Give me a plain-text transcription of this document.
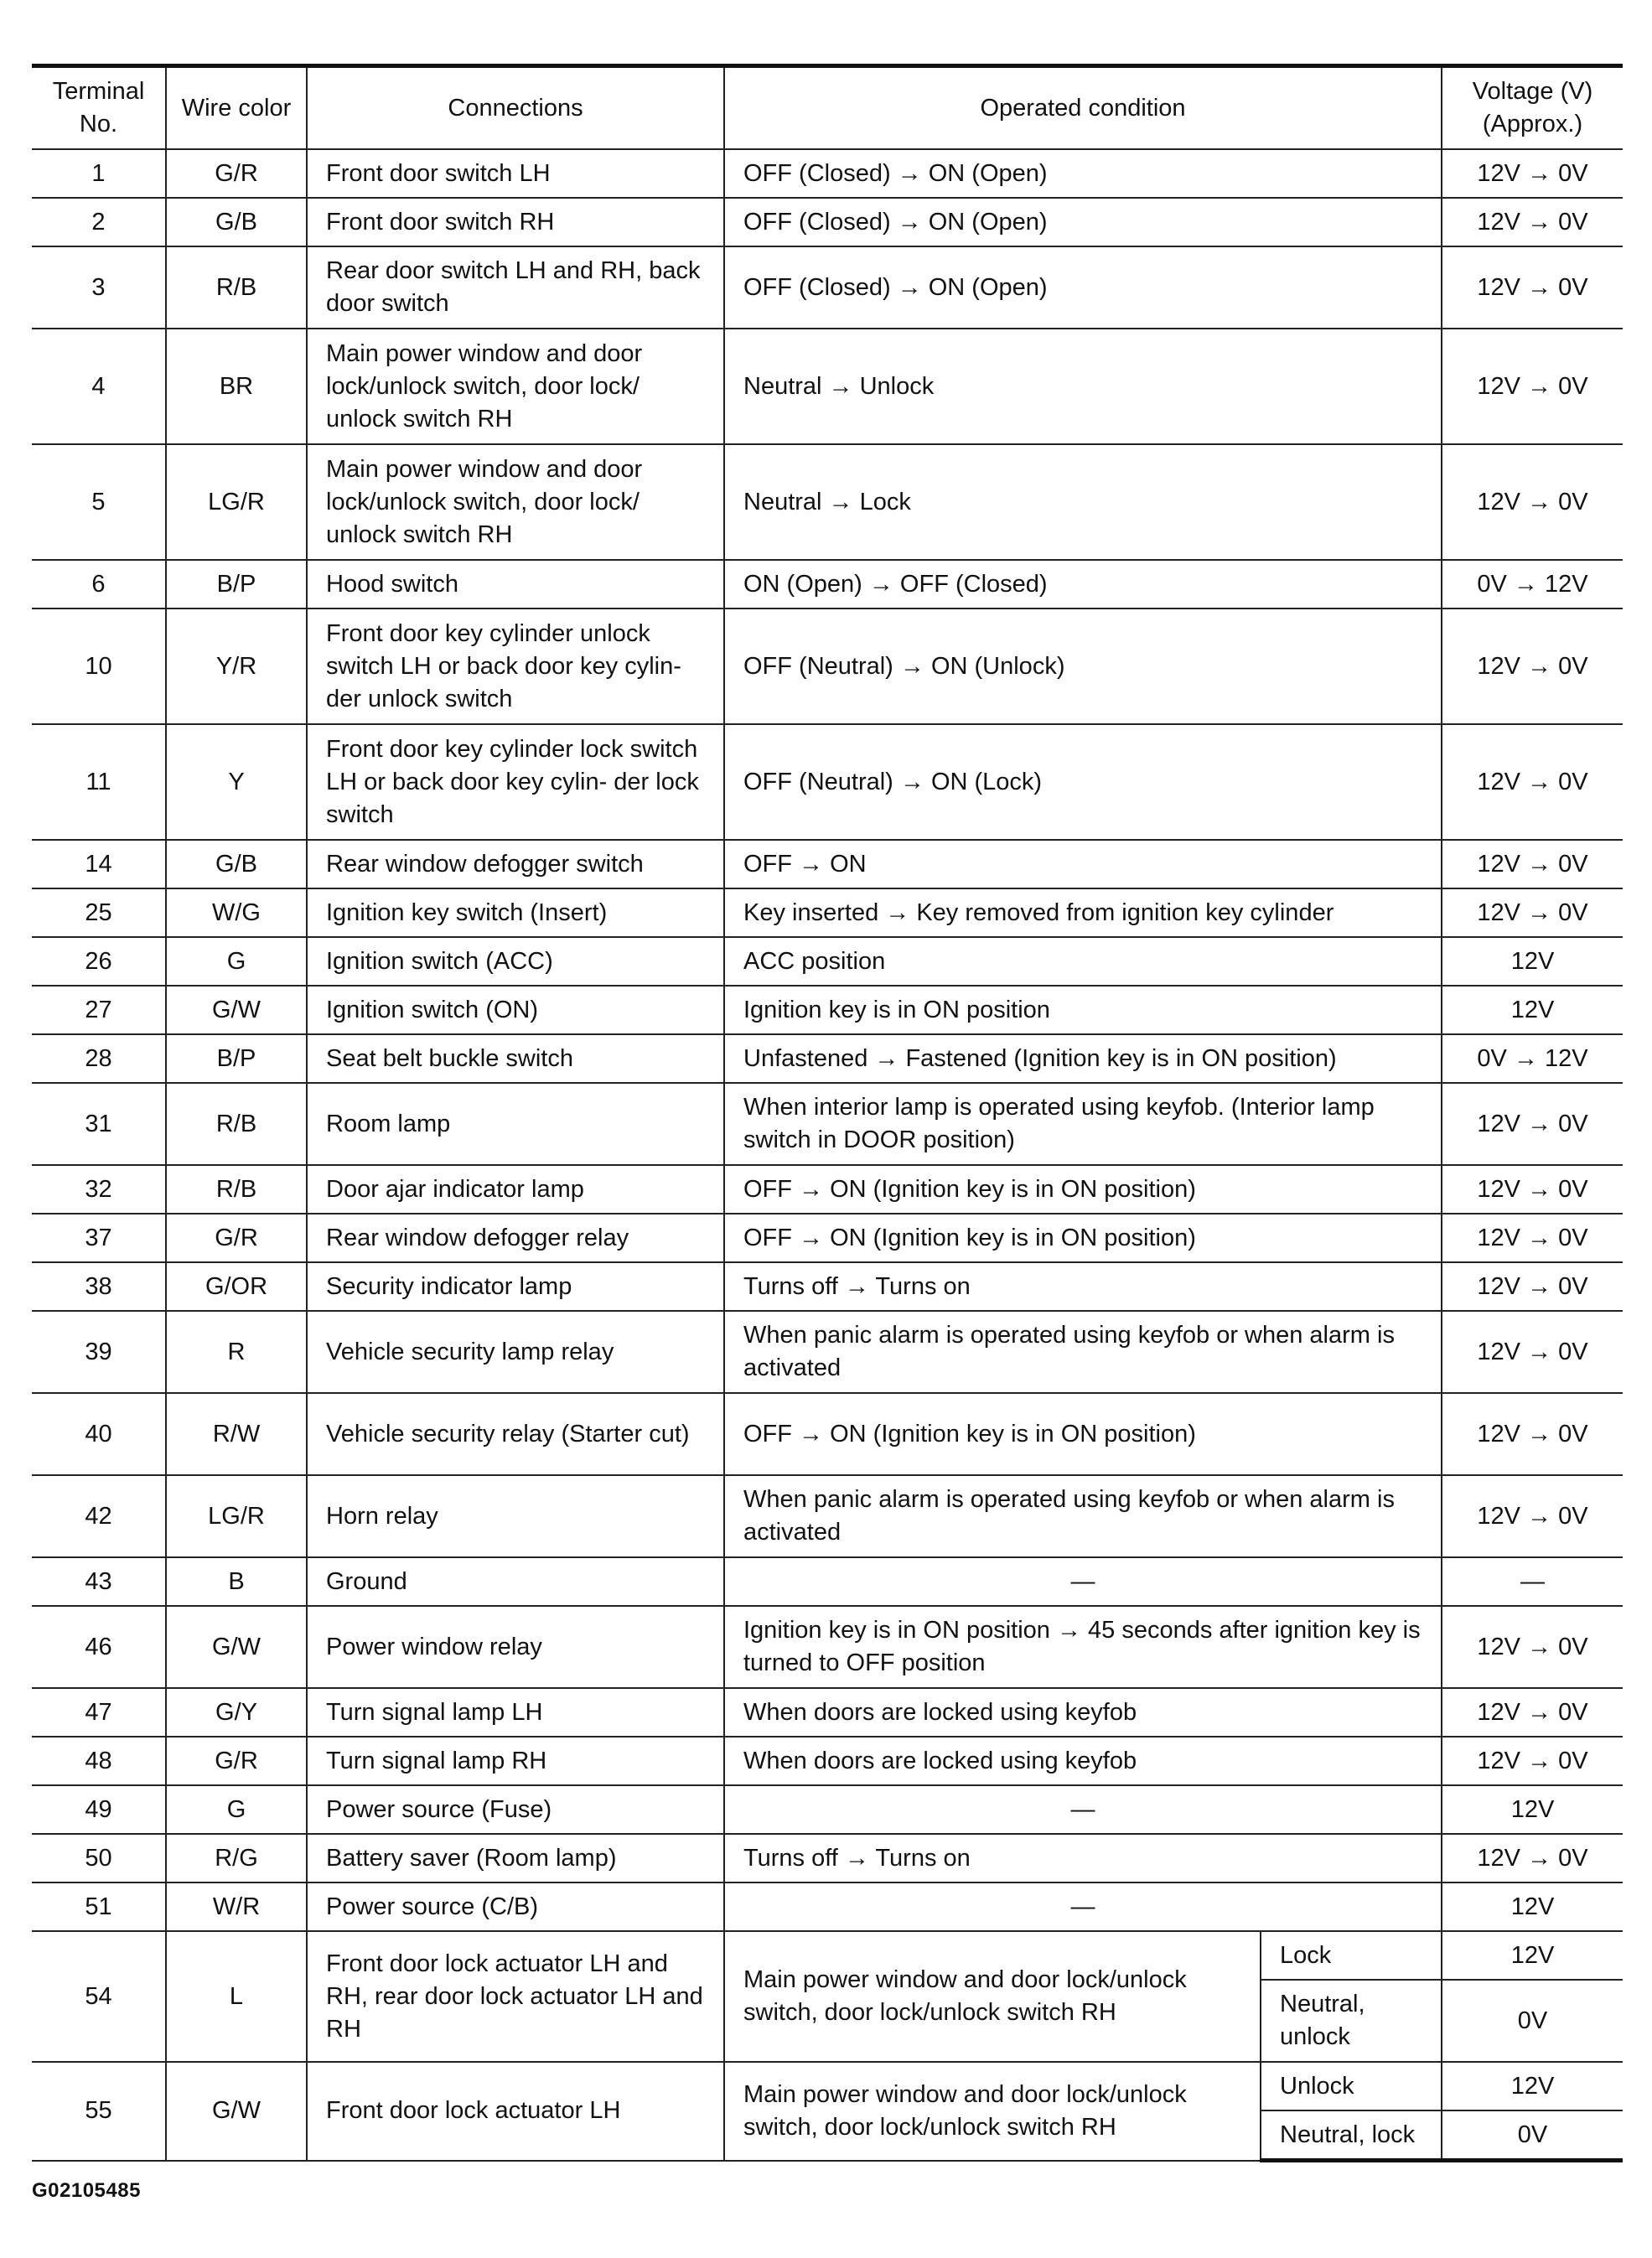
Terminal No.	Wire color	Connections	Operated condition		Voltage (V) (Approx.)
1	G/R	Front door switch LH	OFF (Closed) → ON (Open)		12V → 0V
2	G/B	Front door switch RH	OFF (Closed) → ON (Open)		12V → 0V
3	R/B	Rear door switch LH and RH, back door switch	OFF (Closed) → ON (Open)		12V → 0V
4	BR	Main power window and door lock/unlock switch, door lock/ unlock switch RH	Neutral → Unlock		12V → 0V
5	LG/R	Main power window and door lock/unlock switch, door lock/ unlock switch RH	Neutral → Lock		12V → 0V
6	B/P	Hood switch	ON (Open) → OFF (Closed)		0V → 12V
10	Y/R	Front door key cylinder unlock switch LH or back door key cylin- der unlock switch	OFF (Neutral) → ON (Unlock)		12V → 0V
11	Y	Front door key cylinder lock switch LH or back door key cylin- der lock switch	OFF (Neutral) → ON (Lock)		12V → 0V
14	G/B	Rear window defogger switch	OFF → ON		12V → 0V
25	W/G	Ignition key switch (Insert)	Key inserted → Key removed from ignition key cylinder		12V → 0V
26	G	Ignition switch (ACC)	ACC position		12V
27	G/W	Ignition switch (ON)	Ignition key is in ON position		12V
28	B/P	Seat belt buckle switch	Unfastened → Fastened (Ignition key is in ON position)		0V → 12V
31	R/B	Room lamp	When interior lamp is operated using keyfob. (Interior lamp switch in DOOR position)		12V → 0V
32	R/B	Door ajar indicator lamp	OFF → ON (Ignition key is in ON position)		12V → 0V
37	G/R	Rear window defogger relay	OFF → ON (Ignition key is in ON position)		12V → 0V
38	G/OR	Security indicator lamp	Turns off → Turns on		12V → 0V
39	R	Vehicle security lamp relay	When panic alarm is operated using keyfob or when alarm is activated		12V → 0V
40	R/W	Vehicle security relay (Starter cut)	OFF → ON (Ignition key is in ON position)		12V → 0V
42	LG/R	Horn relay	When panic alarm is operated using keyfob or when alarm is activated		12V → 0V
43	B	Ground	—		—
46	G/W	Power window relay	Ignition key is in ON position → 45 seconds after ignition key is turned to OFF position		12V → 0V
47	G/Y	Turn signal lamp LH	When doors are locked using keyfob		12V → 0V
48	G/R	Turn signal lamp RH	When doors are locked using keyfob		12V → 0V
49	G	Power source (Fuse)	—		12V
50	R/G	Battery saver (Room lamp)	Turns off → Turns on		12V → 0V
51	W/R	Power source (C/B)	—		12V
54	L	Front door lock actuator LH and RH, rear door lock actuator LH and RH	Main power window and door lock/unlock switch, door lock/unlock switch RH	Lock	12V
				Neutral, unlock	0V
55	G/W	Front door lock actuator LH	Main power window and door lock/unlock switch, door lock/unlock switch RH	Unlock	12V
				Neutral, lock	0V
G02105485
